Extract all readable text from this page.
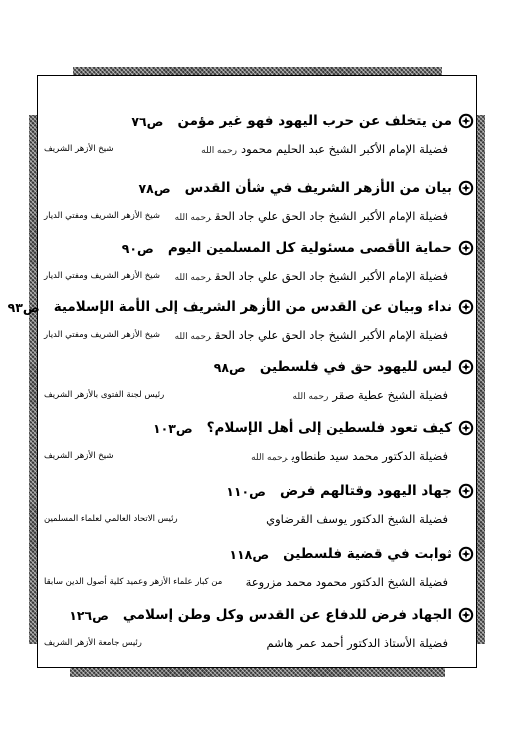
من يتخلف عن حرب اليهود فهو غير مؤمن
ص٧٦
فضيلة الإمام الأكبر الشيخ عبد الحليم محمودرحمه الله
شيخ الأزهر الشريف
بيان من الأزهر الشريف في شأن القدس
ص٧٨
فضيلة الإمام الأكبر الشيخ جاد الحق علي جاد الحقرحمه الله
شيخ الأزهر الشريف ومفتي الديار
حماية الأقصى مسئولية كل المسلمين اليوم
ص٩٠
فضيلة الإمام الأكبر الشيخ جاد الحق علي جاد الحقرحمه الله
شيخ الأزهر الشريف ومفتي الديار
نداء وبيان عن القدس من الأزهر الشريف إلى الأمة الإسلامية
ص٩٣
فضيلة الإمام الأكبر الشيخ جاد الحق علي جاد الحقرحمه الله
شيخ الأزهر الشريف ومفتي الديار
ليس لليهود حق في فلسطين
ص٩٨
فضيلة الشيخ عطية صقررحمه الله
رئيس لجنة الفتوى بالأزهر الشريف
كيف تعود فلسطين إلى أهل الإسلام؟
ص١٠٣
فضيلة الدكتور محمد سيد طنطاويرحمه الله
شيخ الأزهر الشريف
جهاد اليهود وقتالهم فرض
ص١١٠
فضيلة الشيخ الدكتور يوسف القرضاوي
رئيس الاتحاد العالمي لعلماء المسلمين
ثوابت في قضية فلسطين
ص١١٨
فضيلة الشيخ الدكتور محمود محمد مزروعة
من كبار علماء الأزهر وعميد كلية أصول الدين سابقا
الجهاد فرض للدفاع عن القدس وكل وطن إسلامي
ص١٢٦
فضيلة الأستاذ الدكتور أحمد عمر هاشم
رئيس جامعة الأزهر الشريف
